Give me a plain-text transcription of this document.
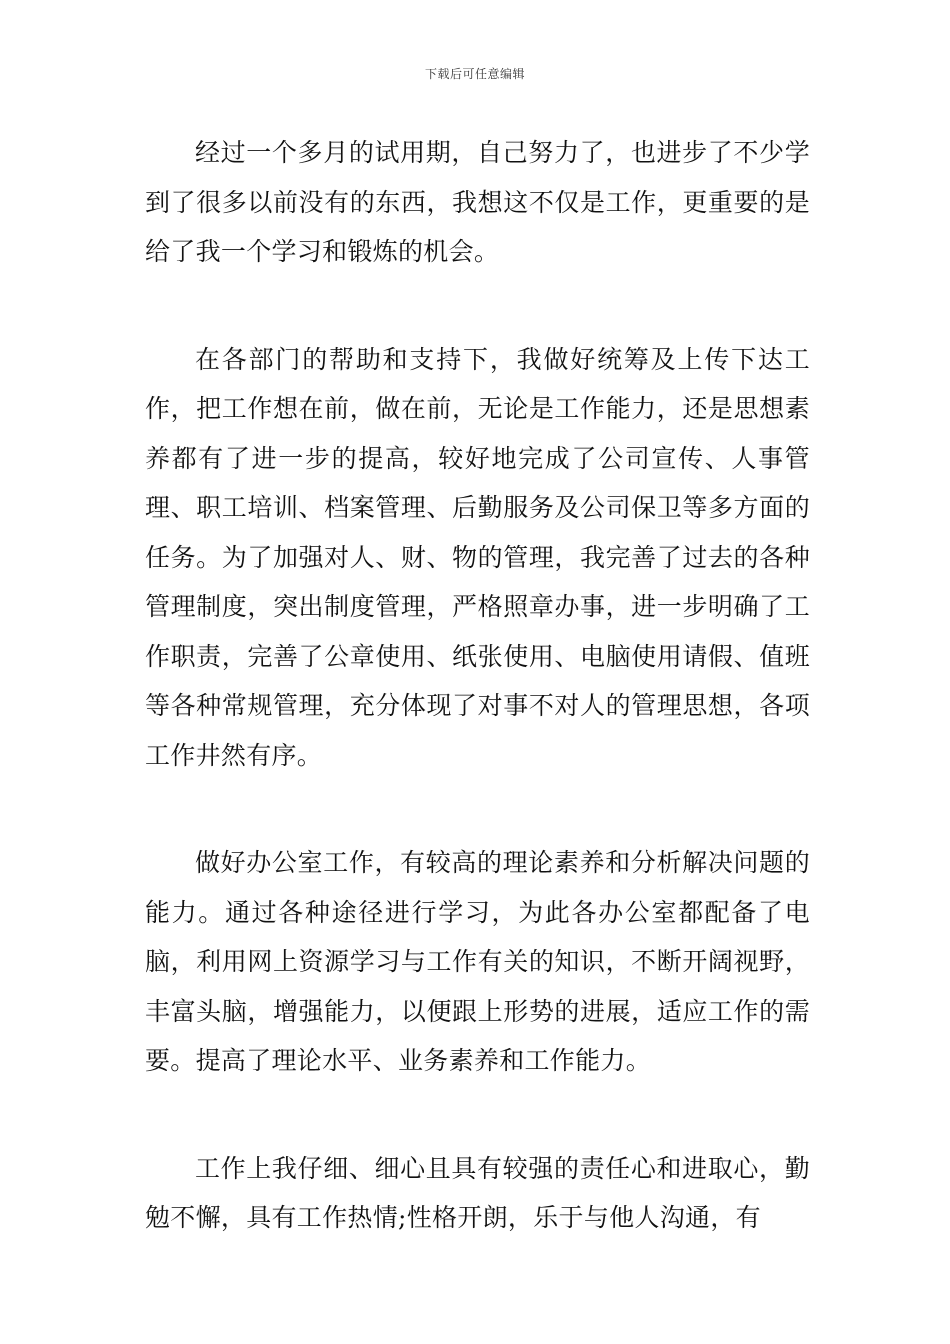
下载后可任意编辑

经过一个多月的试用期，自己努力了，也进步了不少学到了很多以前没有的东西，我想这不仅是工作，更重要的是给了我一个学习和锻炼的机会。

在各部门的帮助和支持下，我做好统筹及上传下达工作，把工作想在前，做在前，无论是工作能力，还是思想素养都有了进一步的提高，较好地完成了公司宣传、人事管理、职工培训、档案管理、后勤服务及公司保卫等多方面的任务。为了加强对人、财、物的管理，我完善了过去的各种管理制度，突出制度管理，严格照章办事，进一步明确了工作职责，完善了公章使用、纸张使用、电脑使用请假、值班等各种常规管理，充分体现了对事不对人的管理思想，各项工作井然有序。

做好办公室工作，有较高的理论素养和分析解决问题的能力。通过各种途径进行学习，为此各办公室都配备了电脑，利用网上资源学习与工作有关的知识，不断开阔视野，丰富头脑，增强能力，以便跟上形势的进展，适应工作的需要。提高了理论水平、业务素养和工作能力。

工作上我仔细、细心且具有较强的责任心和进取心，勤勉不懈，具有工作热情;性格开朗，乐于与他人沟通，有
